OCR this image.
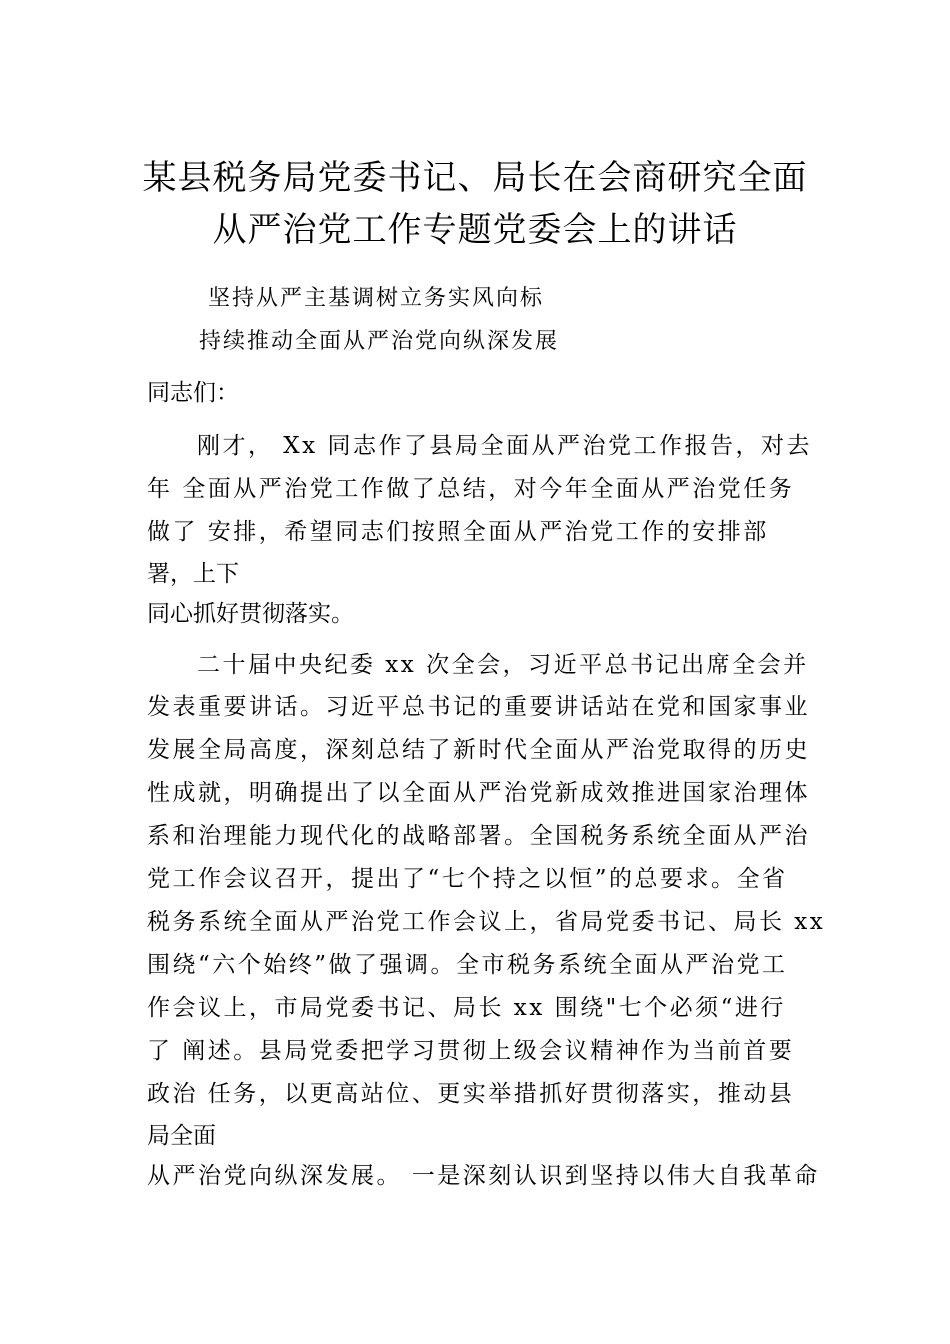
某县税务局党委书记、局长在会商研究全面
从严治党工作专题党委会上的讲话
坚持从严主基调树立务实风向标
持续推动全面从严治党向纵深发展
同志们：
刚才， Xx 同志作了县局全面从严治党工作报告，对去
年 全面从严治党工作做了总结，对今年全面从严治党任务
做了 安排，希望同志们按照全面从严治党工作的安排部
署，上下
同心抓好贯彻落实。
二十届中央纪委 xx 次全会，习近平总书记出席全会并
发表重要讲话。习近平总书记的重要讲话站在党和国家事业
发展全局高度，深刻总结了新时代全面从严治党取得的历史
性成就，明确提出了以全面从严治党新成效推进国家治理体
系和治理能力现代化的战略部署。全国税务系统全面从严治
党工作会议召开，提出了“七个持之以恒”的总要求。全省
税务系统全面从严治党工作会议上，省局党委书记、局长 xx
围绕“六个始终”做了强调。全市税务系统全面从严治党工
作会议上，市局党委书记、局长 xx 围绕"七个必须“进行
了 阐述。县局党委把学习贯彻上级会议精神作为当前首要
政治 任务，以更高站位、更实举措抓好贯彻落实，推动县
局全面
从严治党向纵深发展。 一是深刻认识到坚持以伟大自我革命
